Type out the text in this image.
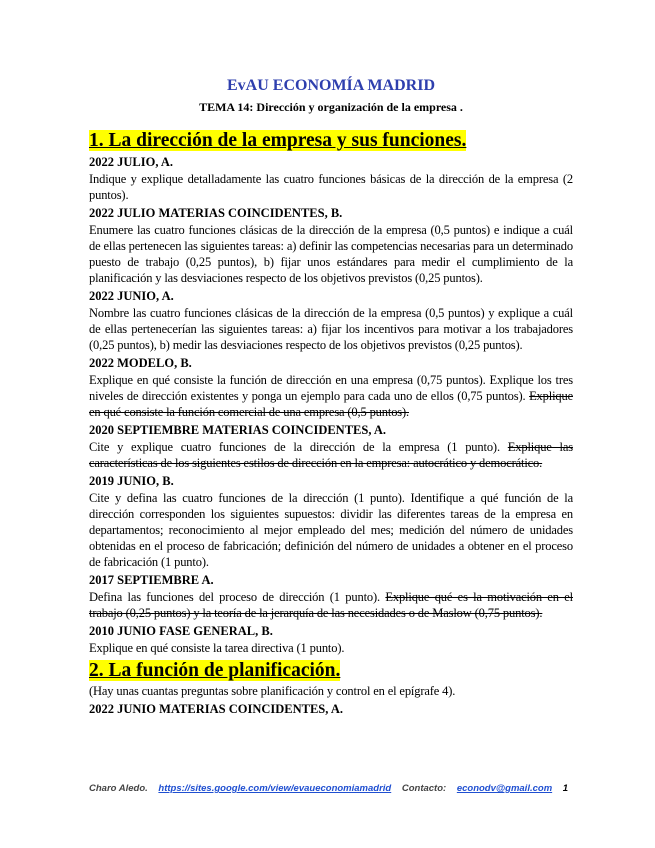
EvAU ECONOMÍA MADRID

TEMA 14: Dirección y organización de la empresa .

1. La dirección de la empresa y sus funciones.

2022 JULIO, A.

Indique y explique detalladamente las cuatro funciones básicas de la dirección de la empresa (2 puntos).

2022 JULIO MATERIAS COINCIDENTES, B.

Enumere las cuatro funciones clásicas de la dirección de la empresa (0,5 puntos) e indique a cuál de ellas pertenecen las siguientes tareas: a) definir las competencias necesarias para un determinado puesto de trabajo (0,25 puntos), b) fijar unos estándares para medir el cumplimiento de la planificación y las desviaciones respecto de los objetivos previstos (0,25 puntos).

2022 JUNIO, A.

Nombre las cuatro funciones clásicas de la dirección de la empresa (0,5 puntos) y explique a cuál de ellas pertenecerían las siguientes tareas: a) fijar los incentivos para motivar a los trabajadores (0,25 puntos), b) medir las desviaciones respecto de los objetivos previstos (0,25 puntos).

2022 MODELO, B.

Explique en qué consiste la función de dirección en una empresa (0,75 puntos). Explique los tres niveles de dirección existentes y ponga un ejemplo para cada uno de ellos (0,75 puntos). Explique en qué consiste la función comercial de una empresa (0,5 puntos).

2020 SEPTIEMBRE MATERIAS COINCIDENTES, A.

Cite y explique cuatro funciones de la dirección de la empresa (1 punto). Explique las características de los siguientes estilos de dirección en la empresa: autocrático y democrático.

2019 JUNIO, B.

Cite y defina las cuatro funciones de la dirección (1 punto). Identifique a qué función de la dirección corresponden los siguientes supuestos: dividir las diferentes tareas de la empresa en departamentos; reconocimiento al mejor empleado del mes; medición del número de unidades obtenidas en el proceso de fabricación; definición del número de unidades a obtener en el proceso de fabricación (1 punto).

2017 SEPTIEMBRE A.

Defina las funciones del proceso de dirección (1 punto). Explique qué es la motivación en el trabajo (0,25 puntos) y la teoría de la jerarquía de las necesidades o de Maslow (0,75 puntos).

2010 JUNIO FASE GENERAL, B.

Explique en qué consiste la tarea directiva (1 punto).

2. La función de planificación.

(Hay unas cuantas preguntas sobre planificación y control en el epígrafe 4).

2022 JUNIO MATERIAS COINCIDENTES, A.

Charo Aledo. https://sites.google.com/view/evaueconomiamadrid Contacto: econodv@gmail.com 1
